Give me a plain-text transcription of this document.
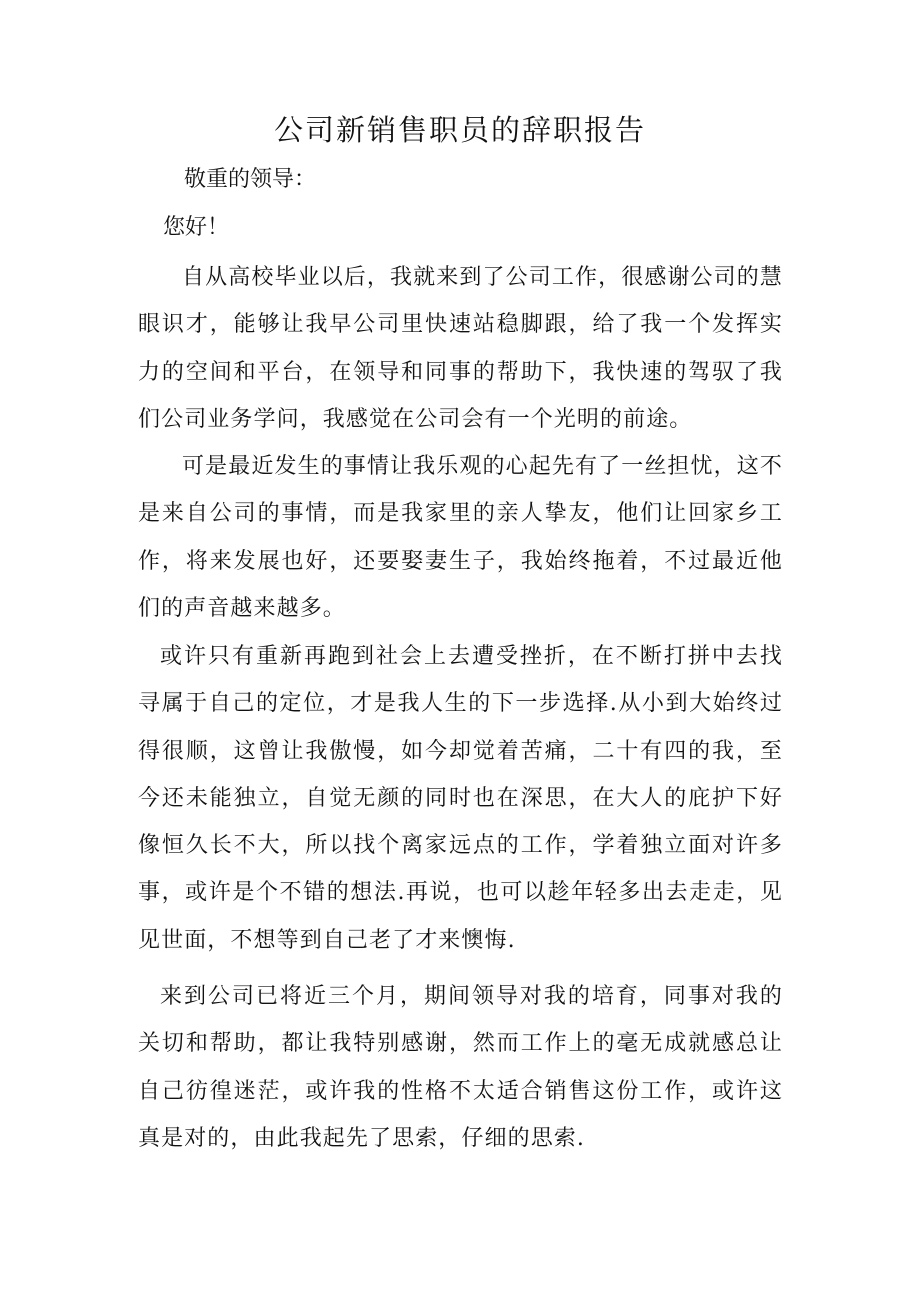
公司新销售职员的辞职报告

敬重的领导：

您好！

自从高校毕业以后，我就来到了公司工作，很感谢公司的慧眼识才，能够让我早公司里快速站稳脚跟，给了我一个发挥实力的空间和平台，在领导和同事的帮助下，我快速的驾驭了我们公司业务学问，我感觉在公司会有一个光明的前途。

可是最近发生的事情让我乐观的心起先有了一丝担忧，这不是来自公司的事情，而是我家里的亲人挚友，他们让回家乡工作，将来发展也好，还要娶妻生子，我始终拖着，不过最近他们的声音越来越多。

或许只有重新再跑到社会上去遭受挫折，在不断打拼中去找寻属于自己的定位，才是我人生的下一步选择.从小到大始终过得很顺，这曾让我傲慢，如今却觉着苦痛，二十有四的我，至今还未能独立，自觉无颜的同时也在深思，在大人的庇护下好像恒久长不大，所以找个离家远点的工作，学着独立面对许多事，或许是个不错的想法.再说，也可以趁年轻多出去走走，见见世面，不想等到自己老了才来懊悔.

来到公司已将近三个月，期间领导对我的培育，同事对我的关切和帮助，都让我特别感谢，然而工作上的毫无成就感总让自己彷徨迷茫，或许我的性格不太适合销售这份工作，或许这真是对的，由此我起先了思索，仔细的思索.
